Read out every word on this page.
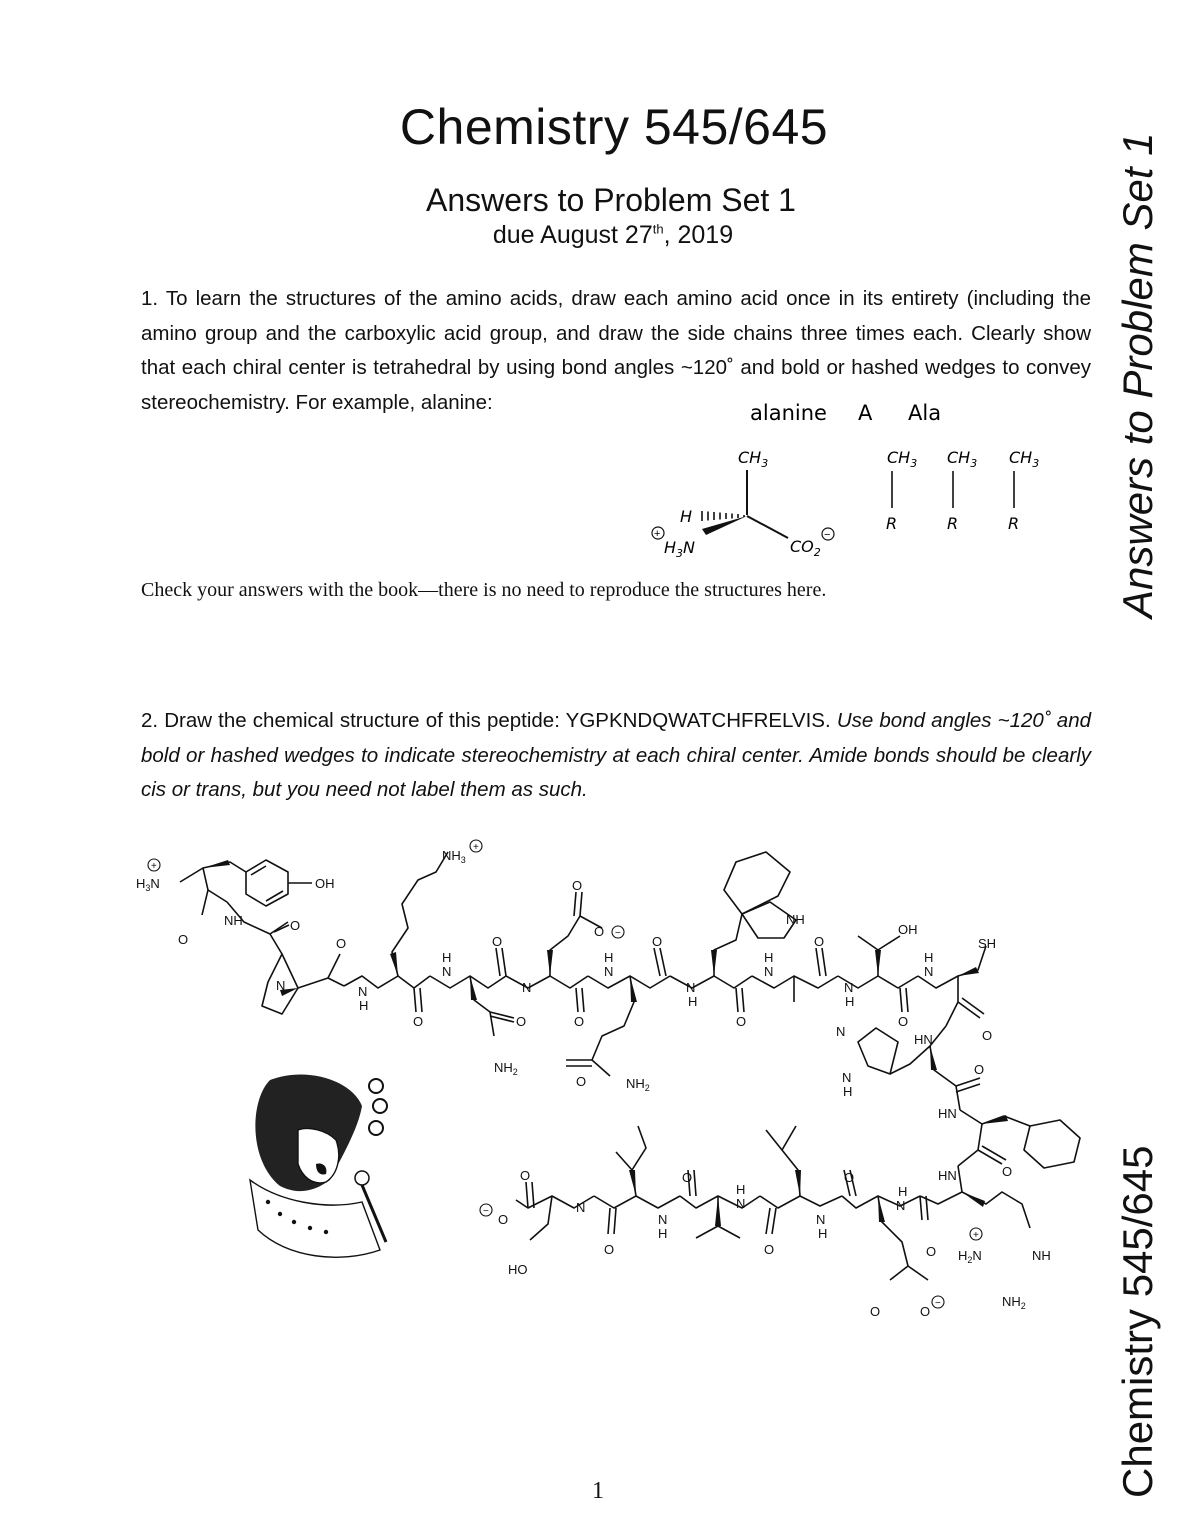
Chemistry 545/645
Answers to Problem Set 1
due August 27th, 2019	Answers to Problem Set 1
Chemistry 545/645
1. To learn the structures of the amino acids, draw each amino acid once in its entirety (including the amino group and the carboxylic acid group, and draw the side chains three times each. Clearly show that each chiral center is tetrahedral by using bond angles ~120˚ and bold or hashed wedges to convey stereochemistry. For example, alanine:	alanine A Ala
$CH_3$
H
+
$H_3N$	$CO_2$
−
$CH_3$
R
$CH_3$
R
$CH_3$
R
Check your answers with the book—there is no need to reproduce the structures here.
2. Draw the chemical structure of this peptide: YGPKNDQWATCHFRELVIS. Use bond angles ~120˚ and bold or hashed wedges to indicate stereochemistry at each chiral center. Amide bonds should be clearly cis or trans, but you need not label them as such.
$H_3N$	OH
NH
O
O
N
O
N
H
$NH_3$
O
H
N
O
O
$NH_2$
N
O
O
O
H
N
O
O	$NH_2$
N
H
NH
O
H
N
O
N
H
OH
O
H
N
SH
O
HN
N
N
H
O
HN
O
HN
$H_2N$	NH
$NH_2$
O
N
H
O
O	O
N
H
O
H
N
O
N
H
O
N
O
O
HO
+
+
−
+
−
−
1
